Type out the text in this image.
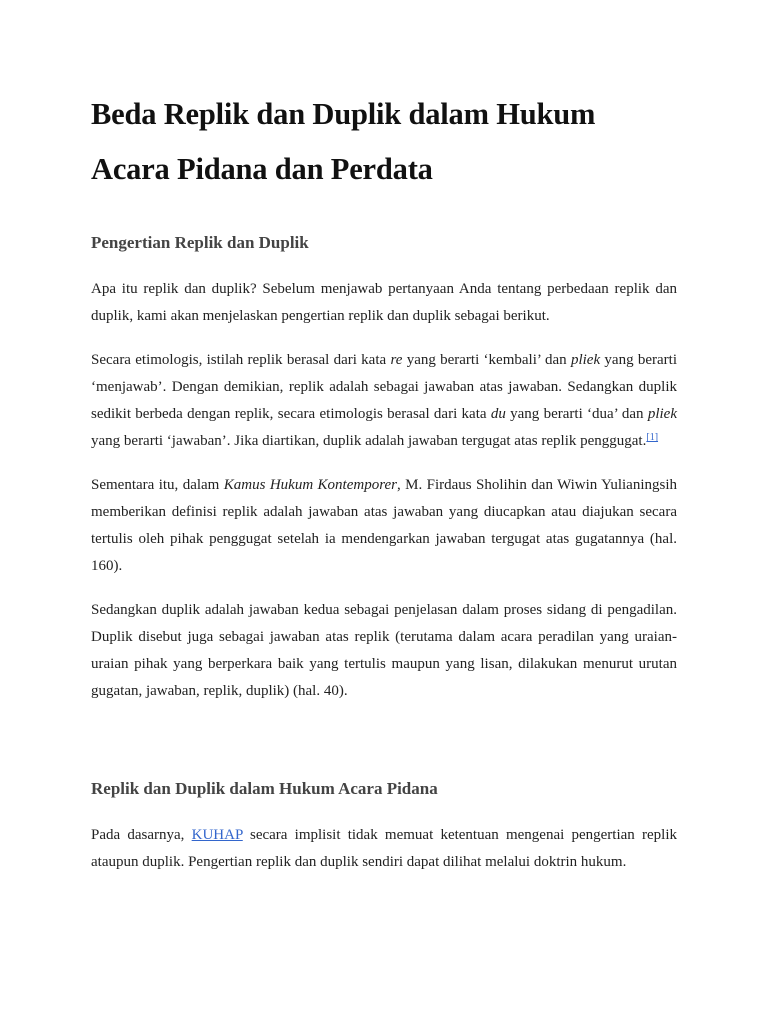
Beda Replik dan Duplik dalam Hukum Acara Pidana dan Perdata
Pengertian Replik dan Duplik

Apa itu replik dan duplik? Sebelum menjawab pertanyaan Anda tentang perbedaan replik dan duplik, kami akan menjelaskan pengertian replik dan duplik sebagai berikut.

Secara etimologis, istilah replik berasal dari kata re yang berarti ‘kembali’ dan pliek yang berarti ‘menjawab’. Dengan demikian, replik adalah sebagai jawaban atas jawaban. Sedangkan duplik sedikit berbeda dengan replik, secara etimologis berasal dari kata du yang berarti ‘dua’ dan pliek yang berarti ‘jawaban’. Jika diartikan, duplik adalah jawaban tergugat atas replik penggugat.[1]

Sementara itu, dalam Kamus Hukum Kontemporer, M. Firdaus Sholihin dan Wiwin Yulianingsih memberikan definisi replik adalah jawaban atas jawaban yang diucapkan atau diajukan secara tertulis oleh pihak penggugat setelah ia mendengarkan jawaban tergugat atas gugatannya (hal. 160).

Sedangkan duplik adalah jawaban kedua sebagai penjelasan dalam proses sidang di pengadilan. Duplik disebut juga sebagai jawaban atas replik (terutama dalam acara peradilan yang uraian-uraian pihak yang berperkara baik yang tertulis maupun yang lisan, dilakukan menurut urutan gugatan, jawaban, replik, duplik) (hal. 40).

Replik dan Duplik dalam Hukum Acara Pidana

Pada dasarnya, KUHAP secara implisit tidak memuat ketentuan mengenai pengertian replik ataupun duplik. Pengertian replik dan duplik sendiri dapat dilihat melalui doktrin hukum.
